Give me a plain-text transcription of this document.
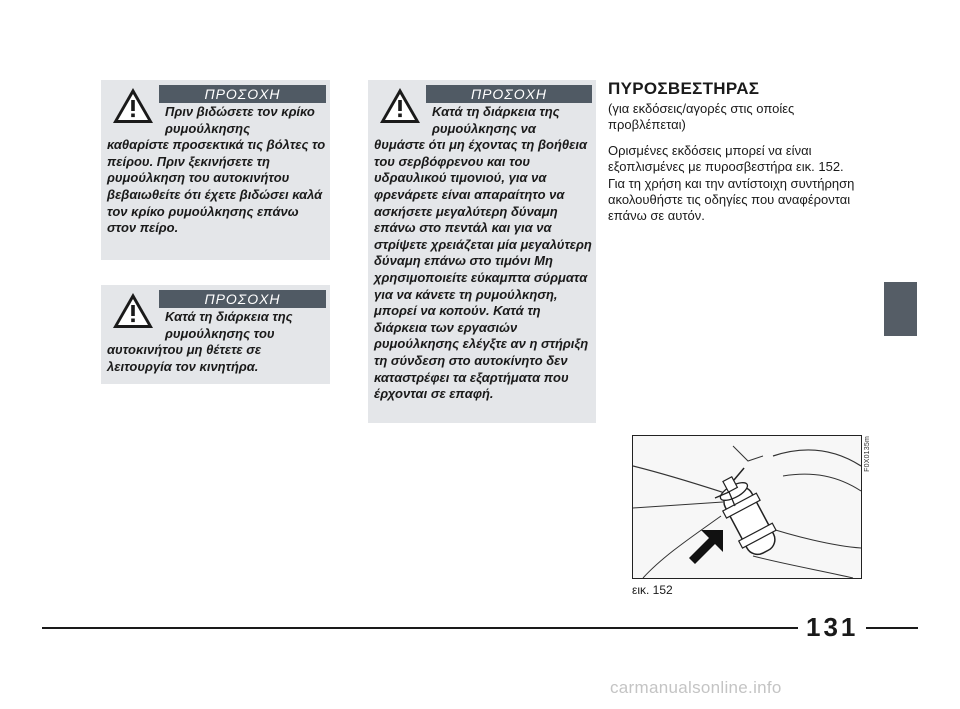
ΠΡΟΣΟΧΗ

Πριν βιδώσετε τον κρίκο ρυμούλκησης
καθαρίστε προσεκτικά τις βόλτες το πείρου. Πριν ξεκινήσετε τη ρυμούλκηση του αυτοκινήτου βεβαιωθείτε ότι έχετε βιδώσει καλά τον κρίκο ρυμούλκησης επάνω στον πείρο.

ΠΡΟΣΟΧΗ

Κατά τη διάρκεια της ρυμούλκησης του
αυτοκινήτου μη θέτετε σε λειτουργία τον κινητήρα.

ΠΡΟΣΟΧΗ

Κατά τη διάρκεια της ρυμούλκησης να
θυμάστε ότι μη έχοντας τη βοήθεια του σερβόφρενου και του υδραυλικού τιμονιού, για να φρενάρετε είναι απαραίτητο να ασκήσετε μεγαλύτερη δύναμη επάνω στο πεντάλ και για να στρίψετε χρειάζεται μία μεγαλύτερη δύναμη επάνω στο τιμόνι Μη χρησιμοποιείτε εύκαμπτα σύρματα για να κάνετε τη ρυμούλκηση, μπορεί να κοπούν. Κατά τη διάρκεια των εργασιών ρυμούλκησης ελέγξτε αν η στήριξη τη σύνδεση στο αυτοκίνητο δεν καταστρέφει τα εξαρτήματα που έρχονται σε επαφή.

ΠΥΡΟΣΒΕΣΤΗΡΑΣ

(για εκδόσεις/αγορές στις οποίες προβλέπεται)

Ορισμένες εκδόσεις μπορεί να είναι εξοπλισμένες με πυροσβεστήρα εικ. 152.
Για τη χρήση και την αντίστοιχη συντήρηση ακολουθήστε τις οδηγίες που αναφέρονται επάνω σε αυτόν.

F0X0135m
εικ. 152
131
carmanualsonline.info
